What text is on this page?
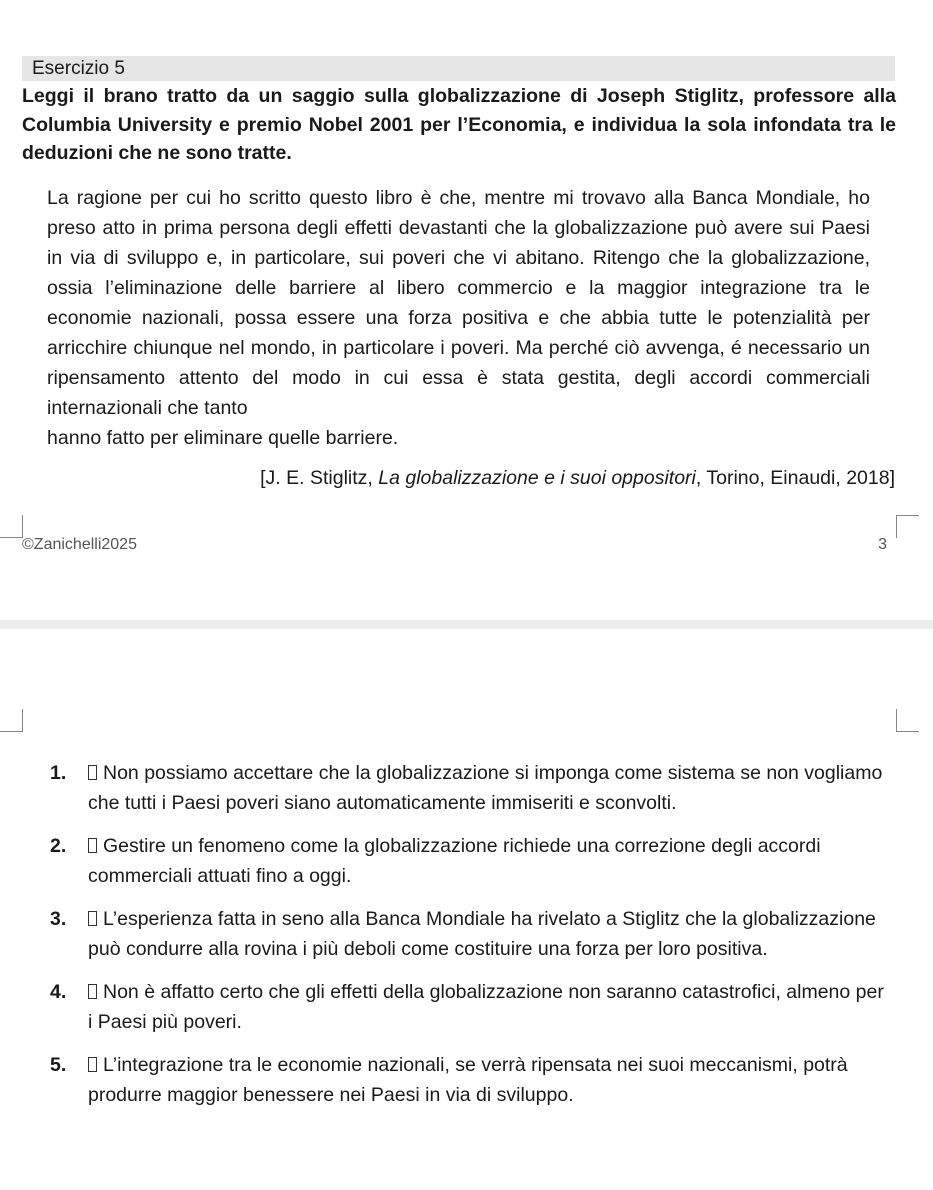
Esercizio 5
Leggi il brano tratto da un saggio sulla globalizzazione di Joseph Stiglitz, professore alla Columbia University e premio Nobel 2001 per l’Economia, e individua la sola infondata tra le deduzioni che ne sono tratte.
La ragione per cui ho scritto questo libro è che, mentre mi trovavo alla Banca Mondiale, ho preso atto in prima persona degli effetti devastanti che la globalizzazione può avere sui Paesi in via di sviluppo e, in particolare, sui poveri che vi abitano. Ritengo che la globalizzazione, ossia l’eliminazione delle barriere al libero commercio e la maggior integrazione tra le economie nazionali, possa essere una forza positiva e che abbia tutte le potenzialità per arricchire chiunque nel mondo, in particolare i poveri. Ma perché ciò avvenga, é necessario un ripensamento attento del modo in cui essa è stata gestita, degli accordi commerciali internazionali che tanto
hanno fatto per eliminare quelle barriere.
[J. E. Stiglitz, La globalizzazione e i suoi oppositori, Torino, Einaudi, 2018]
©Zanichelli2025	3
1. Non possiamo accettare che la globalizzazione si imponga come sistema se non vogliamo che tutti i Paesi poveri siano automaticamente immiseriti e sconvolti.
2. Gestire un fenomeno come la globalizzazione richiede una correzione degli accordi commerciali attuati fino a oggi.
3. L’esperienza fatta in seno alla Banca Mondiale ha rivelato a Stiglitz che la globalizzazione può condurre alla rovina i più deboli come costituire una forza per loro positiva.
4. Non è affatto certo che gli effetti della globalizzazione non saranno catastrofici, almeno per i Paesi più poveri.
5. L’integrazione tra le economie nazionali, se verrà ripensata nei suoi meccanismi, potrà produrre maggior benessere nei Paesi in via di sviluppo.
